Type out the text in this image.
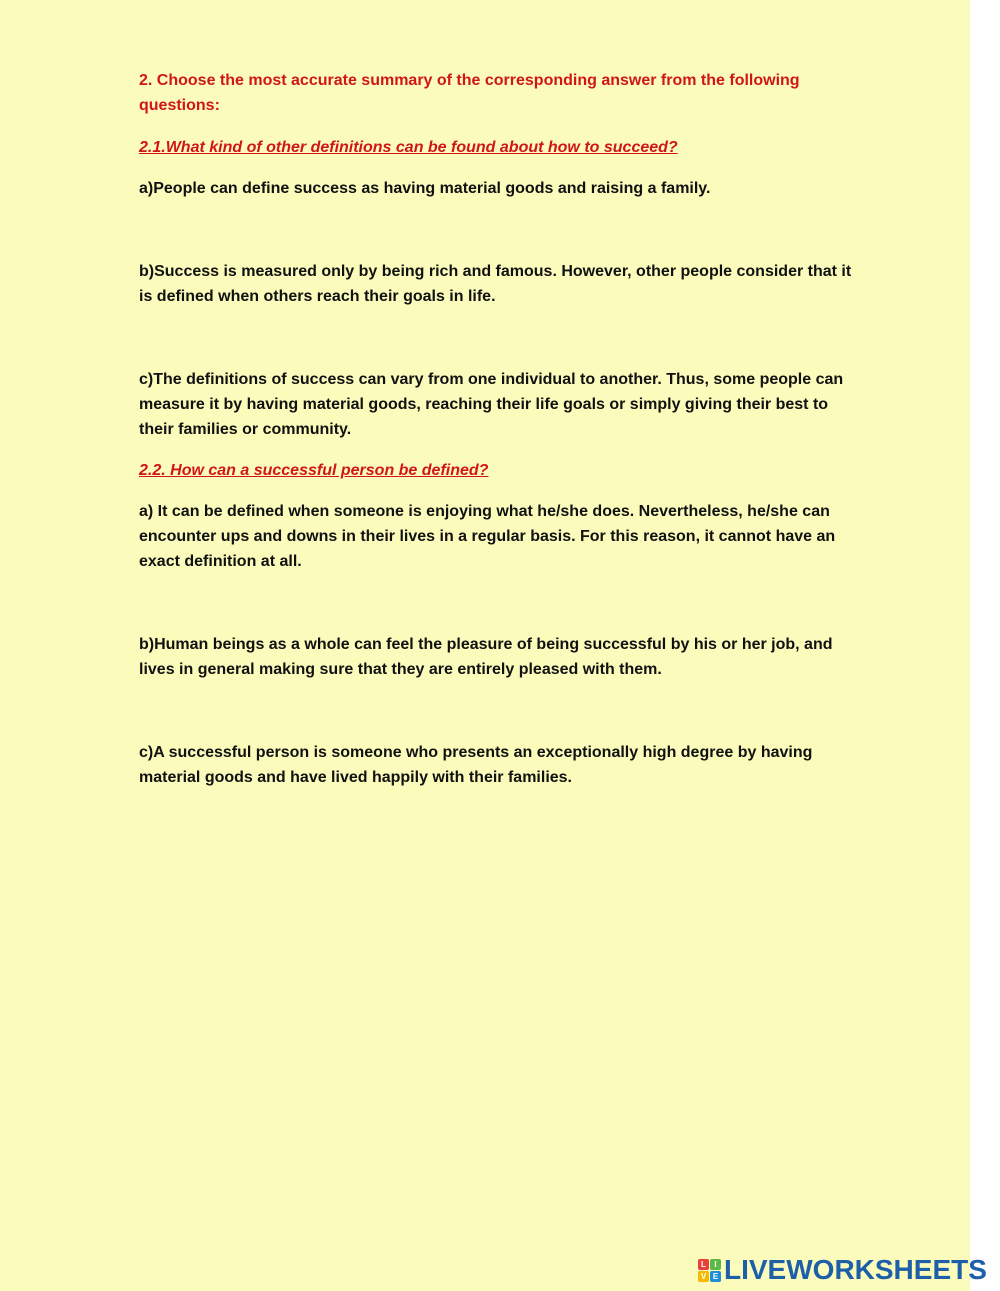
2. Choose the most accurate summary of the corresponding answer from the following questions:

2.1.What kind of other definitions can be found about how to succeed?

a)People can define success as having material goods and raising a family.

b)Success is measured only by being rich and famous. However, other people consider that it is defined when others reach their goals in life.

c)The definitions of success can vary from one individual to another. Thus, some people can measure it by having material goods, reaching their life goals or simply giving their best to their families or community.

2.2. How can a successful person be defined?

a) It can be defined when someone is enjoying what he/she does. Nevertheless, he/she can encounter ups and downs in their lives in a regular basis. For this reason, it cannot have an exact definition at all.

b)Human beings as a whole can feel the pleasure of being successful by his or her job, and lives in general making sure that they are entirely pleased with them.

c)A successful person is someone who presents an exceptionally high degree by having material goods and have lived happily with their families.

L	I
V E LIVEWORKSHEETS
